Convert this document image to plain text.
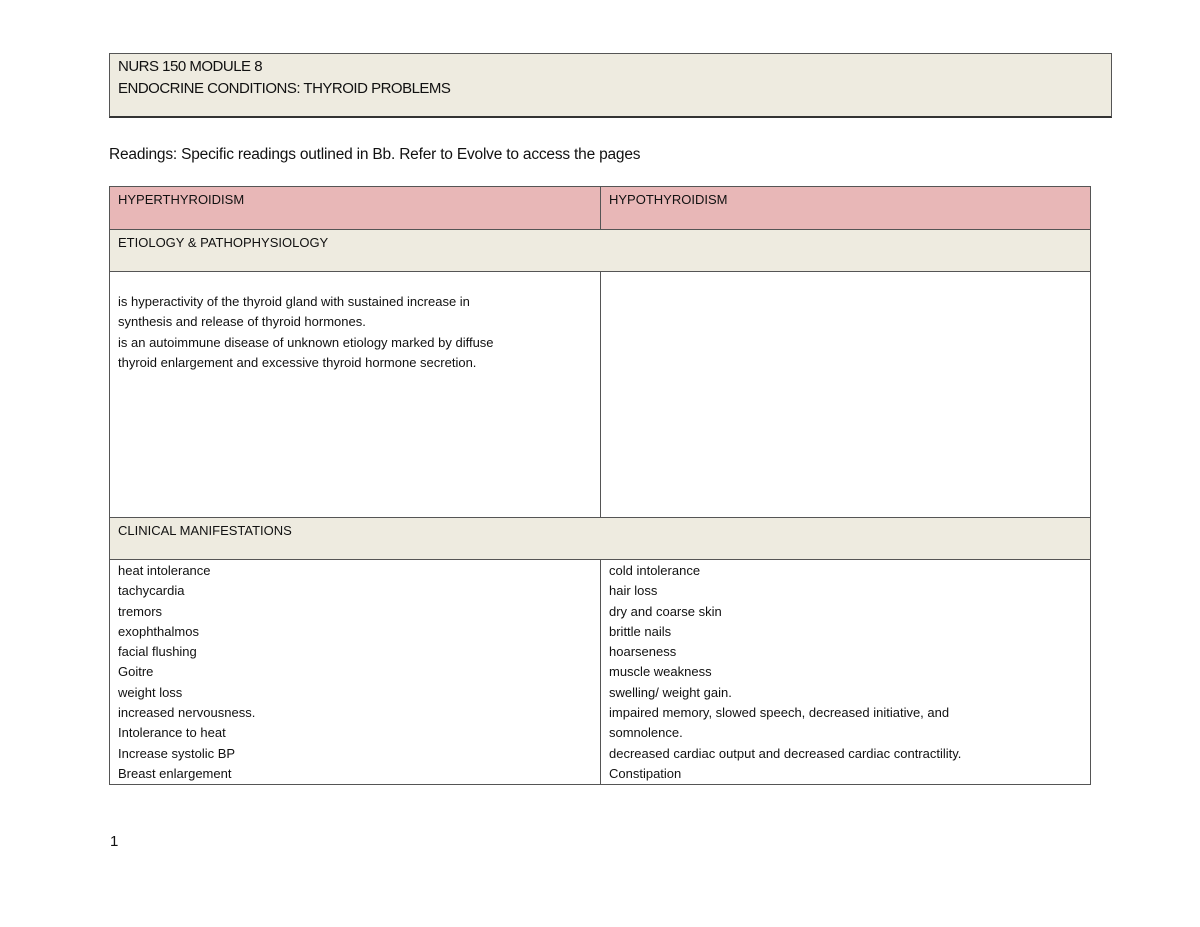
NURS 150 MODULE 8
ENDOCRINE CONDITIONS: THYROID PROBLEMS
Readings: Specific readings outlined in Bb. Refer to Evolve to access the pages
HYPERTHYROIDISM	HYPOTHYROIDISM
ETIOLOGY & PATHOPHYSIOLOGY
is hyperactivity of the thyroid gland with sustained increase in
synthesis and release of thyroid hormones.
is an autoimmune disease of unknown etiology marked by diffuse
thyroid enlargement and excessive thyroid hormone secretion.
CLINICAL MANIFESTATIONS
heat intolerance
tachycardia
tremors
exophthalmos
facial flushing
Goitre
weight loss
increased nervousness.
Intolerance to heat
Increase systolic BP
Breast enlargement
cold intolerance
hair loss
dry and coarse skin
brittle nails
hoarseness
muscle weakness
swelling/ weight gain.
impaired memory, slowed speech, decreased initiative, and
somnolence.
decreased cardiac output and decreased cardiac contractility.
Constipation
1
